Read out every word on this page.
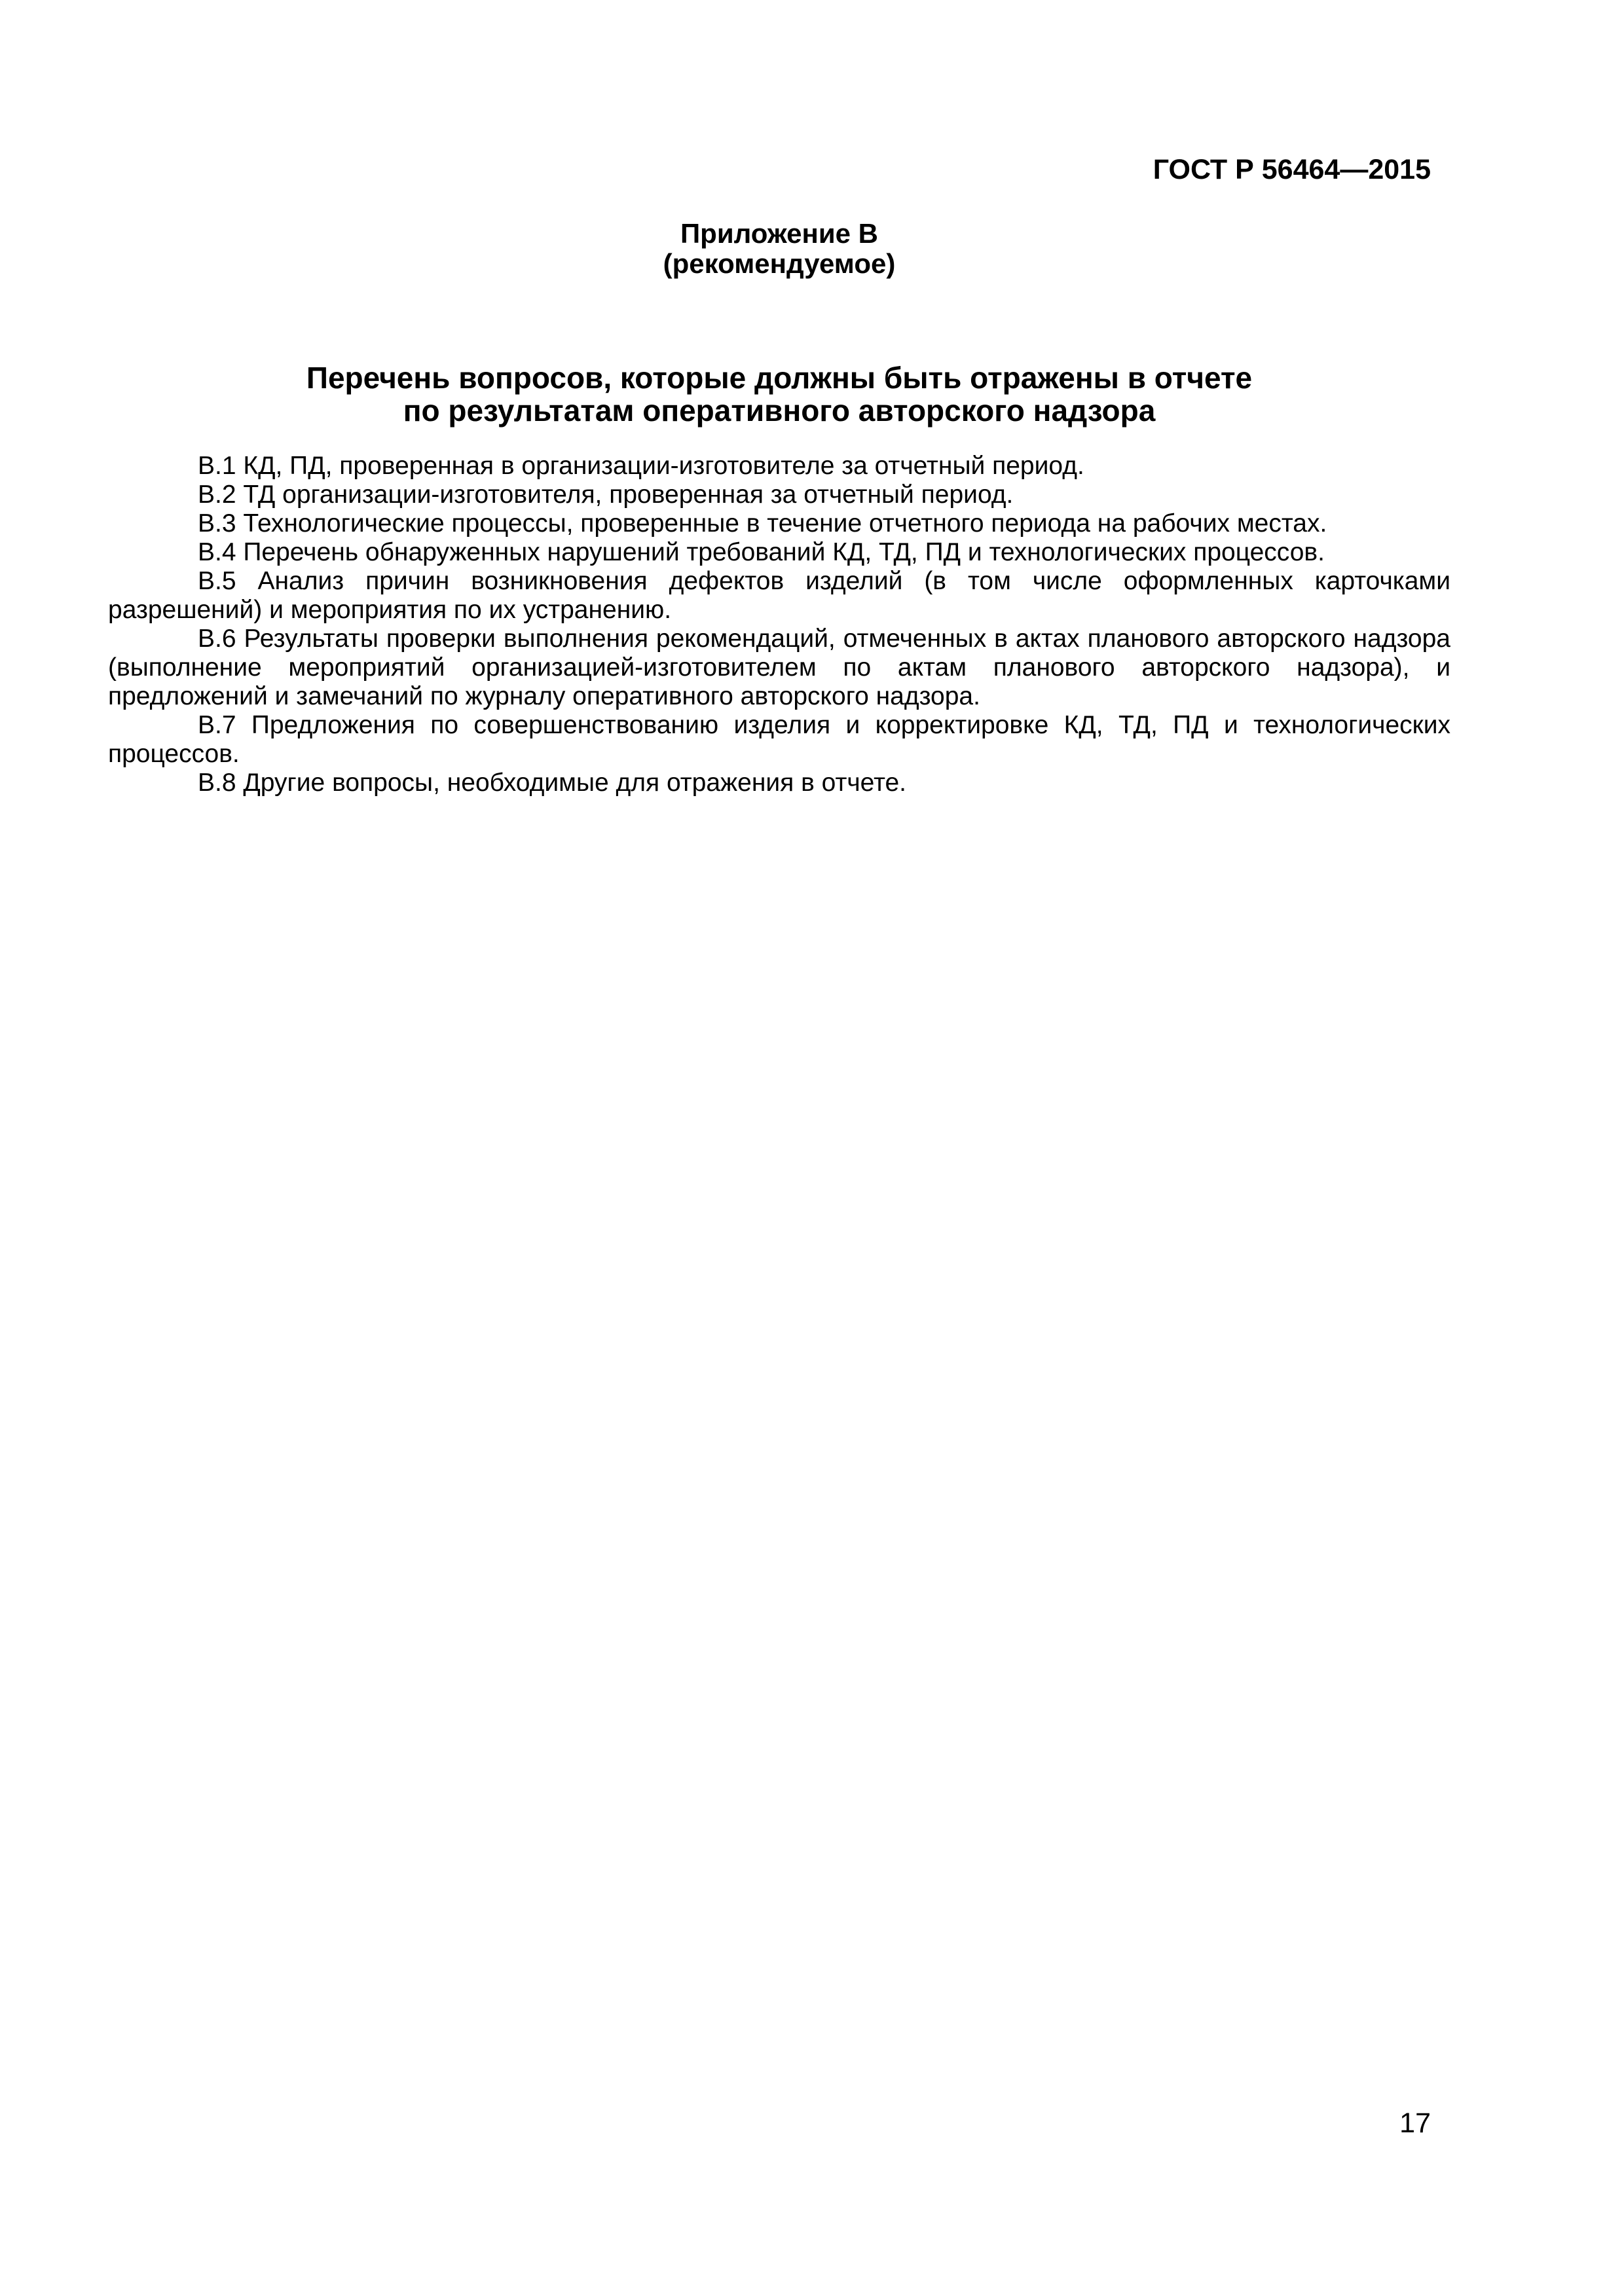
ГОСТ Р 56464—2015
Приложение В
(рекомендуемое)
Перечень вопросов, которые должны быть отражены в отчете
по результатам оперативного авторского надзора

В.1 КД, ПД, проверенная в организации-изготовителе за отчетный период.

В.2 ТД организации-изготовителя, проверенная за отчетный период.

В.3 Технологические процессы, проверенные в течение отчетного периода на рабочих местах.

В.4 Перечень обнаруженных нарушений требований КД, ТД, ПД и технологических процессов.

В.5 Анализ причин возникновения дефектов изделий (в том числе оформленных карточками разрешений) и мероприятия по их устранению.

В.6 Результаты проверки выполнения рекомендаций, отмеченных в актах планового авторского надзора (выполнение мероприятий организацией-изготовителем по актам планового авторского надзора), и предложений и замечаний по журналу оперативного авторского надзора.

В.7 Предложения по совершенствованию изделия и корректировке КД, ТД, ПД и технологических процессов.

В.8 Другие вопросы, необходимые для отражения в отчете.

17
